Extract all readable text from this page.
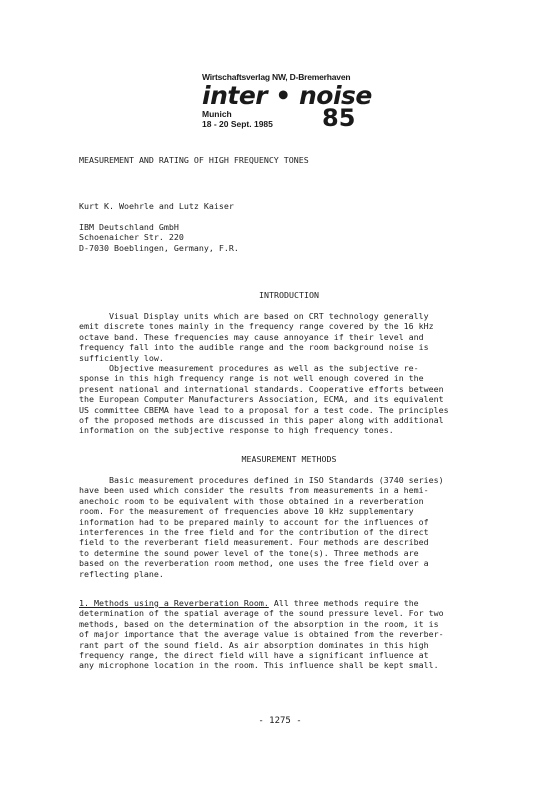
Wirtschaftsverlag NW, D-Bremerhaven
inter • noise
Munich
18 - 20 Sept. 1985	85
MEASUREMENT AND RATING OF HIGH FREQUENCY TONES
Kurt K. Woehrle and Lutz Kaiser
IBM Deutschland GmbH
Schoenaicher Str. 220
D-7030 Boeblingen, Germany, F.R.
INTRODUCTION
Visual Display units which are based on CRT technology generally
emit discrete tones mainly in the frequency range covered by the 16 kHz
octave band. These frequencies may cause annoyance if their level and
frequency fall into the audible range and the room background noise is
sufficiently low.
Objective measurement procedures as well as the subjective re-
sponse in this high frequency range is not well enough covered in the
present national and international standards. Cooperative efforts between
the European Computer Manufacturers Association, ECMA, and its equivalent
US committee CBEMA have lead to a proposal for a test code. The principles
of the proposed methods are discussed in this paper along with additional
information on the subjective response to high frequency tones.
MEASUREMENT METHODS
Basic measurement procedures defined in ISO Standards (3740 series)
have been used which consider the results from measurements in a hemi-
anechoic room to be equivalent with those obtained in a reverberation
room. For the measurement of frequencies above 10 kHz supplementary
information had to be prepared mainly to account for the influences of
interferences in the free field and for the contribution of the direct
field to the reverberant field measurement. Four methods are described
to determine the sound power level of the tone(s). Three methods are
based on the reverberation room method, one uses the free field over a
reflecting plane.
1. Methods using a Reverberation Room. All three methods require the
determination of the spatial average of the sound pressure level. For two
methods, based on the determination of the absorption in the room, it is
of major importance that the average value is obtained from the reverber-
rant part of the sound field. As air absorption dominates in this high
frequency range, the direct field will have a significant influence at
any microphone location in the room. This influence shall be kept small.
- 1275 -
